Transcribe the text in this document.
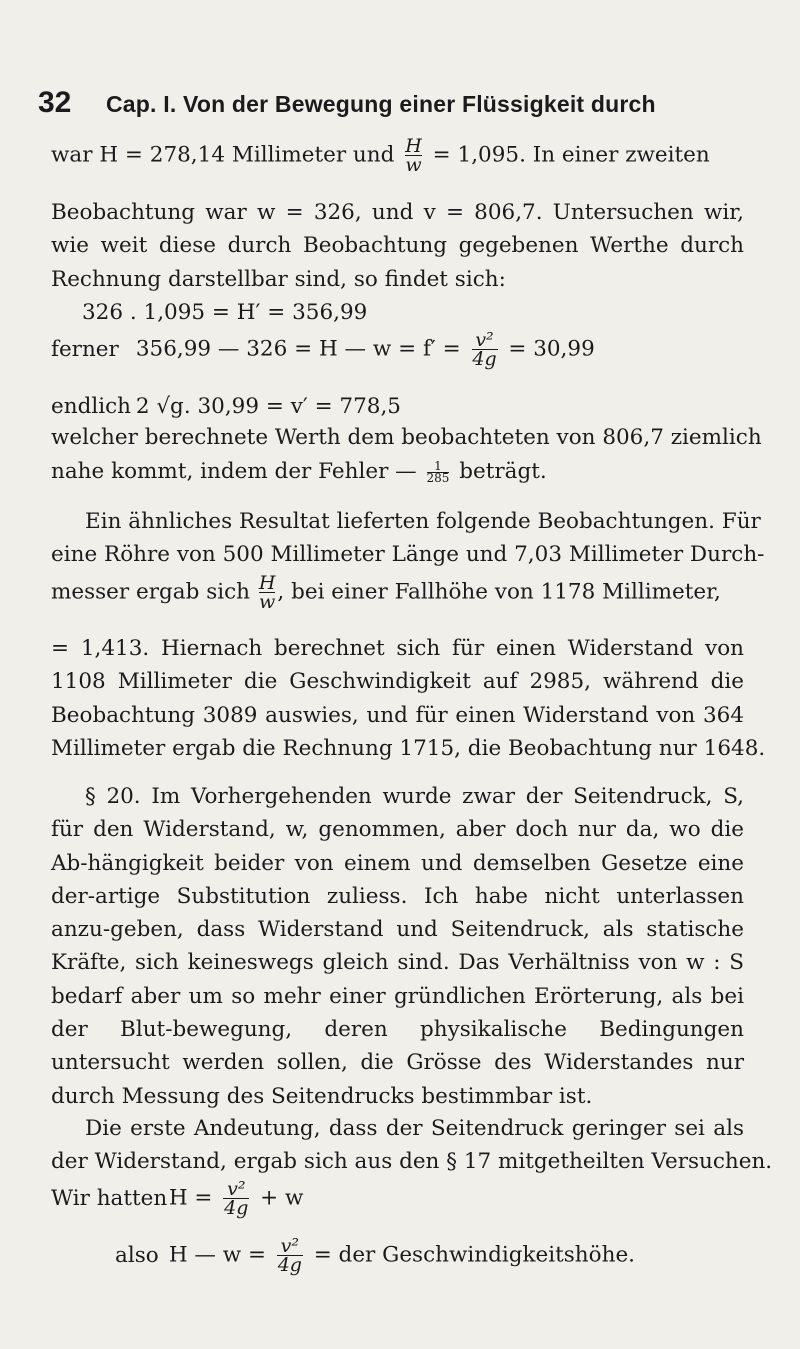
32	Cap. I. Von der Bewegung einer Flüssigkeit durch
war H = 278,14 Millimeter und $\frac{H}{w} = 1,095$. In einer zweiten
Beobachtung war w = 326, und v = 806,7. Untersuchen wir,
wie weit diese durch Beobachtung gegebenen Werthe durch
Rechnung darstellbar sind, so findet sich:
326 . 1,095 = H′ = 356,99
ferner 356,99 — 326 = H — $w = f' = \frac{\text{v²}}{4g} = 30,99$
endlich 2 √g. 30,99 = v′ = 778,5
welcher berechnete Werth dem beobachteten von 806,7 ziemlich
nahe kommt, indem der Fehler — $\frac{1}{285}$ beträgt.
Ein ähnliches Resultat lieferten folgende Beobachtungen. Für
eine Röhre von 500 Millimeter Länge und 7,03 Millimeter Durch-
messer ergab sich $\frac{H}{w}$ , bei einer Fallhöhe von 1178 Millimeter,
= 1,413. Hiernach berechnet sich für einen Widerstand von
1108 Millimeter die Geschwindigkeit auf 2985, während die
Beobachtung 3089 auswies, und für einen Widerstand von 364
Millimeter ergab die Rechnung 1715, die Beobachtung nur 1648.
§ 20. Im Vorhergehenden wurde zwar der Seitendruck, S, für den Widerstand, w, genommen, aber doch nur da, wo die Ab-hängigkeit beider von einem und demselben Gesetze eine der-artige Substitution zuliess. Ich habe nicht unterlassen anzu-geben, dass Widerstand und Seitendruck, als statische Kräfte, sich keineswegs gleich sind. Das Verhältniss von w : S bedarf aber um so mehr einer gründlichen Erörterung, als bei der Blut-bewegung, deren physikalische Bedingungen untersucht werden sollen, die Grösse des Widerstandes nur durch Messung des Seitendrucks bestimmbar ist.
Die erste Andeutung, dass der Seitendruck geringer sei als
der Widerstand, ergab sich aus den § 17 mitgetheilten Versuchen.
Wir hatten $H = \frac{\text{v²}}{4g} + w$
also H — $w = \frac{\text{v²}}{4g}$ = der Geschwindigkeitshöhe.
